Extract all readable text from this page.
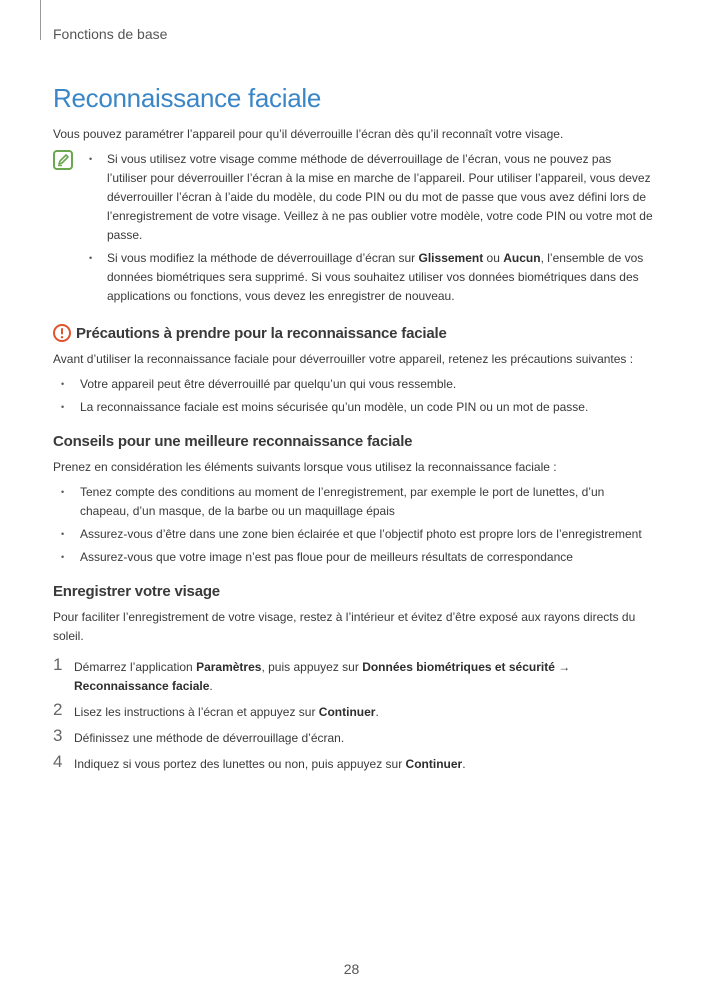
Fonctions de base
Reconnaissance faciale

Vous pouvez paramétrer l’appareil pour qu’il déverrouille l’écran dès qu’il reconnaît votre visage.

• Si vous utilisez votre visage comme méthode de déverrouillage de l’écran, vous ne pouvez pas l’utiliser pour déverrouiller l’écran à la mise en marche de l’appareil. Pour utiliser l’appareil, vous devez déverrouiller l’écran à l’aide du modèle, du code PIN ou du mot de passe que vous avez défini lors de l’enregistrement de votre visage. Veillez à ne pas oublier votre modèle, votre code PIN ou votre mot de passe.
• Si vous modifiez la méthode de déverrouillage d’écran sur Glissement ou Aucun, l’ensemble de vos données biométriques sera supprimé. Si vous souhaitez utiliser vos données biométriques dans des applications ou fonctions, vous devez les enregistrer de nouveau.
Précautions à prendre pour la reconnaissance faciale

Avant d’utiliser la reconnaissance faciale pour déverrouiller votre appareil, retenez les précautions suivantes :

• Votre appareil peut être déverrouillé par quelqu’un qui vous ressemble.
• La reconnaissance faciale est moins sécurisée qu’un modèle, un code PIN ou un mot de passe.
Conseils pour une meilleure reconnaissance faciale

Prenez en considération les éléments suivants lorsque vous utilisez la reconnaissance faciale :

• Tenez compte des conditions au moment de l’enregistrement, par exemple le port de lunettes, d’un chapeau, d’un masque, de la barbe ou un maquillage épais
• Assurez-vous d’être dans une zone bien éclairée et que l’objectif photo est propre lors de l’enregistrement
• Assurez-vous que votre image n’est pas floue pour de meilleurs résultats de correspondance
Enregistrer votre visage

Pour faciliter l’enregistrement de votre visage, restez à l’intérieur et évitez d’être exposé aux rayons directs du soleil.

1 Démarrez l’application Paramètres, puis appuyez sur Données biométriques et sécurité →
Reconnaissance faciale.
2 Lisez les instructions à l’écran et appuyez sur Continuer.
3 Définissez une méthode de déverrouillage d’écran.
4 Indiquez si vous portez des lunettes ou non, puis appuyez sur Continuer.
28
